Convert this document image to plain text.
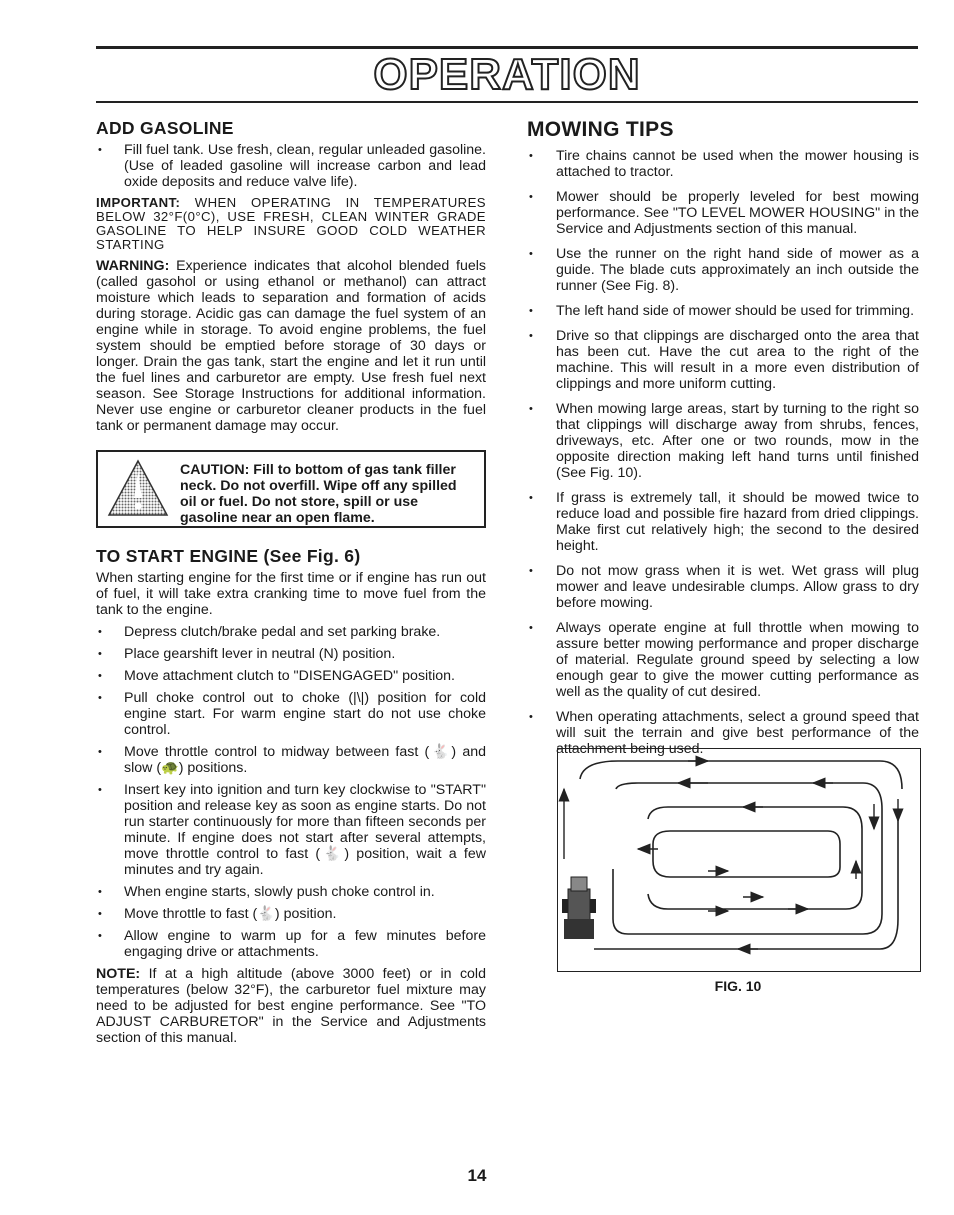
OPERATION
ADD GASOLINE
• Fill fuel tank. Use fresh, clean, regular unleaded gasoline. (Use of leaded gasoline will increase carbon and lead oxide deposits and reduce valve life).

IMPORTANT: WHEN OPERATING IN TEMPERATURES BELOW 32°F(0°C), USE FRESH, CLEAN WINTER GRADE GASOLINE TO HELP INSURE GOOD COLD WEATHER STARTING

WARNING: Experience indicates that alcohol blended fuels (called gasohol or using ethanol or methanol) can attract moisture which leads to separation and formation of acids during storage. Acidic gas can damage the fuel system of an engine while in storage. To avoid engine problems, the fuel system should be emptied before storage of 30 days or longer. Drain the gas tank, start the engine and let it run until the fuel lines and carburetor are empty. Use fresh fuel next season. See Storage Instructions for additional information. Never use engine or carburetor cleaner products in the fuel tank or permanent damage may occur.

CAUTION: Fill to bottom of gas tank filler neck. Do not overfill. Wipe off any spilled oil or fuel. Do not store, spill or use gasoline near an open flame.
TO START ENGINE (See Fig. 6)

When starting engine for the first time or if engine has run out of fuel, it will take extra cranking time to move fuel from the tank to the engine.

• Depress clutch/brake pedal and set parking brake.
• Place gearshift lever in neutral (N) position.
• Move attachment clutch to "DISENGAGED" position.
• Pull choke control out to choke (|\|) position for cold engine start. For warm engine start do not use choke control.
• Move throttle control to midway between fast (🐇) and slow (🐢) positions.
• Insert key into ignition and turn key clockwise to "START" position and release key as soon as engine starts. Do not run starter continuously for more than fifteen seconds per minute. If engine does not start after several attempts, move throttle control to fast (🐇) position, wait a few minutes and try again.
• When engine starts, slowly push choke control in.
• Move throttle to fast (🐇) position.
• Allow engine to warm up for a few minutes before engaging drive or attachments.

NOTE: If at a high altitude (above 3000 feet) or in cold temperatures (below 32°F), the carburetor fuel mixture may need to be adjusted for best engine performance. See "TO ADJUST CARBURETOR" in the Service and Adjustments section of this manual.

MOWING TIPS
• Tire chains cannot be used when the mower housing is attached to tractor.
• Mower should be properly leveled for best mowing performance. See "TO LEVEL MOWER HOUSING" in the Service and Adjustments section of this manual.
• Use the runner on the right hand side of mower as a guide. The blade cuts approximately an inch outside the runner (See Fig. 8).
• The left hand side of mower should be used for trimming.
• Drive so that clippings are discharged onto the area that has been cut. Have the cut area to the right of the machine. This will result in a more even distribution of clippings and more uniform cutting.
• When mowing large areas, start by turning to the right so that clippings will discharge away from shrubs, fences, driveways, etc. After one or two rounds, mow in the opposite direction making left hand turns until finished (See Fig. 10).
• If grass is extremely tall, it should be mowed twice to reduce load and possible fire hazard from dried clippings. Make first cut relatively high; the second to the desired height.
• Do not mow grass when it is wet. Wet grass will plug mower and leave undesirable clumps. Allow grass to dry before mowing.
• Always operate engine at full throttle when mowing to assure better mowing performance and proper discharge of material. Regulate ground speed by selecting a low enough gear to give the mower cutting performance as well as the quality of cut desired.
• When operating attachments, select a ground speed that will suit the terrain and give best performance of the attachment being used.
FIG. 10
14
